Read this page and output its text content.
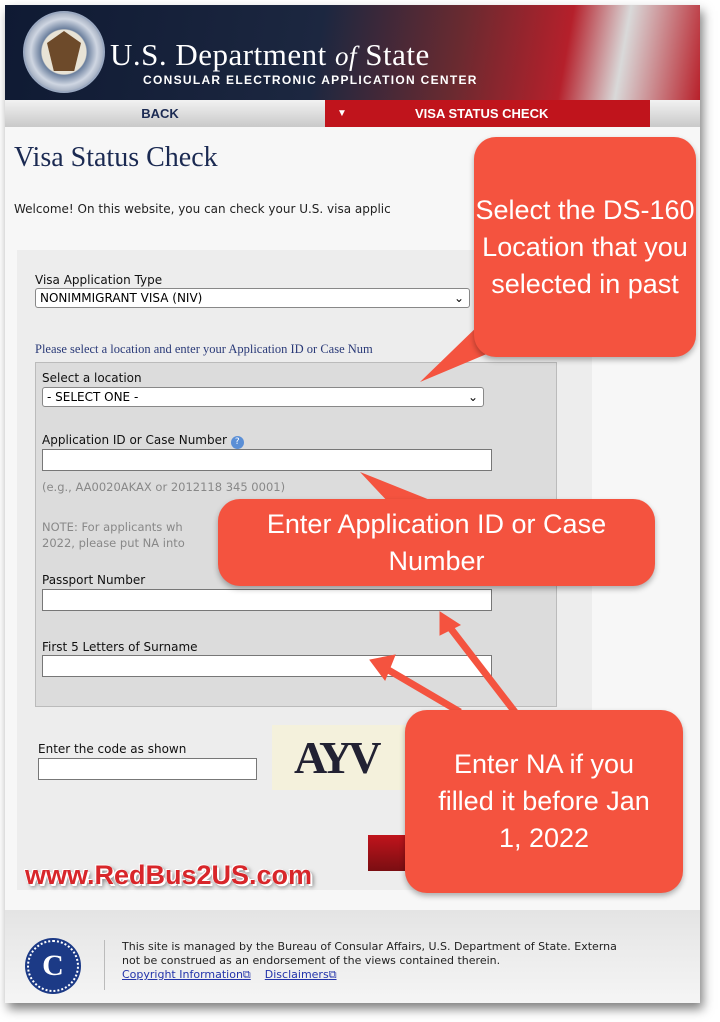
U.S. Department of State
CONSULAR ELECTRONIC APPLICATION CENTER
BACK	▼	VISA STATUS CHECK
Visa Status Check
Welcome! On this website, you can check your U.S. visa applic
Visa Application Type
NONIMMIGRANT VISA (NIV)	⌄
Please select a location and enter your Application ID or Case Num
Select a location
- SELECT ONE -	⌄
Application ID or Case Number ?
(e.g., AA0020AKAX or 2012118 345 0001)
NOTE: For applicants wh
2022, please put NA into
Passport Number
First 5 Letters of Surname
Enter the code as shown	AYV
www.RedBus2US.com
C
This site is managed by the Bureau of Consular Affairs, U.S. Department of State. Externa
not be construed as an endorsement of the views contained therein.
Copyright Information⧉ Disclaimers⧉
Select the DS-160 Location that you selected in past
Enter Application ID or Case Number
Enter NA if you filled it before Jan 1, 2022
